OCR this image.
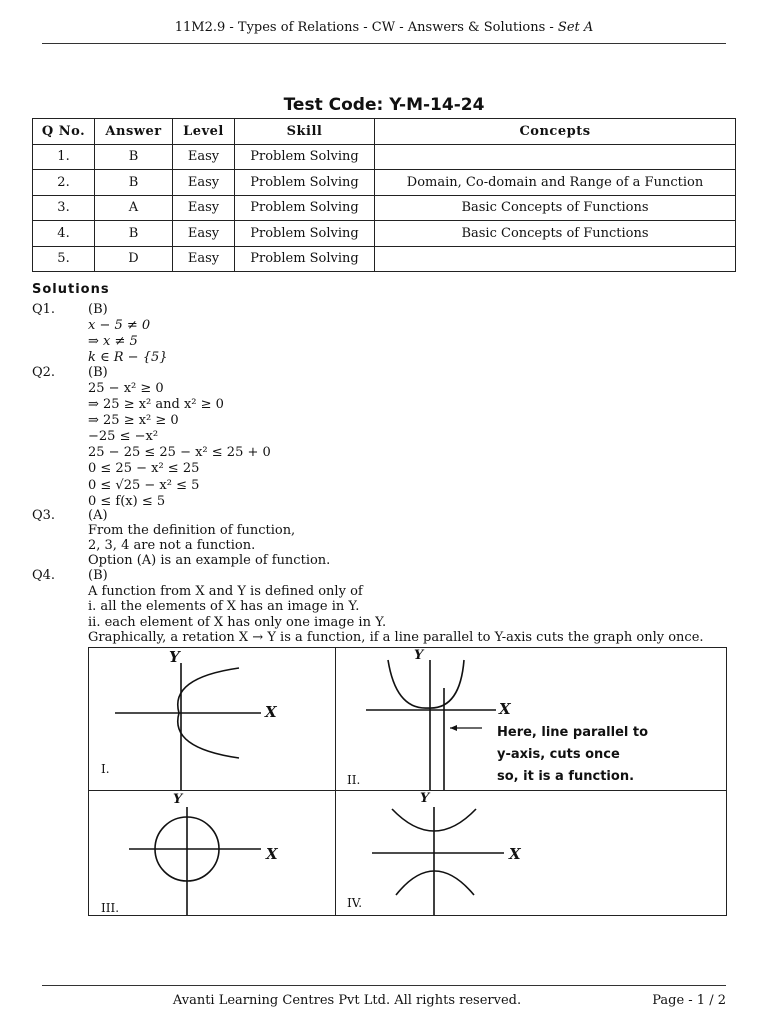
11M2.9 - Types of Relations - CW - Answers & Solutions - Set A
Test Code: Y-M-14-24
Q No.	Answer	Level	Skill	Concepts
1.	B	Easy	Problem Solving	
2.	B	Easy	Problem Solving	Domain, Co-domain and Range of a Function
3.	A	Easy	Problem Solving	Basic Concepts of Functions
4.	B	Easy	Problem Solving	Basic Concepts of Functions
5.	D	Easy	Problem Solving	
Solutions
Q1.	(B)
x − 5 ≠ 0
⇒ x ≠ 5
k ∈ R − {5}
Q2.	(B)
25 − x² ≥ 0
⇒ 25 ≥ x² and x² ≥ 0
⇒ 25 ≥ x² ≥ 0
−25 ≤ −x²
25 − 25 ≤ 25 − x² ≤ 25 + 0
0 ≤ 25 − x² ≤ 25
0 ≤ √25 − x² ≤ 5
0 ≤ f(x) ≤ 5
Q3.	(A)
From the definition of function,
2, 3, 4 are not a function.
Option (A) is an example of function.
Q4.	(B)
A function from X and Y is defined only of
i. all the elements of X has an image in Y.
ii. each element of X has only one image in Y.
Graphically, a retation X → Y is a function, if a line parallel to Y-axis cuts the graph only once.
Y
X
I.
Y
X
II.
Here, line parallel to
y-axis, cuts once
so, it is a function.
Y
X
III.
Y
X
IV.
Avanti Learning Centres Pvt Ltd. All rights reserved.	Page - 1 / 2
